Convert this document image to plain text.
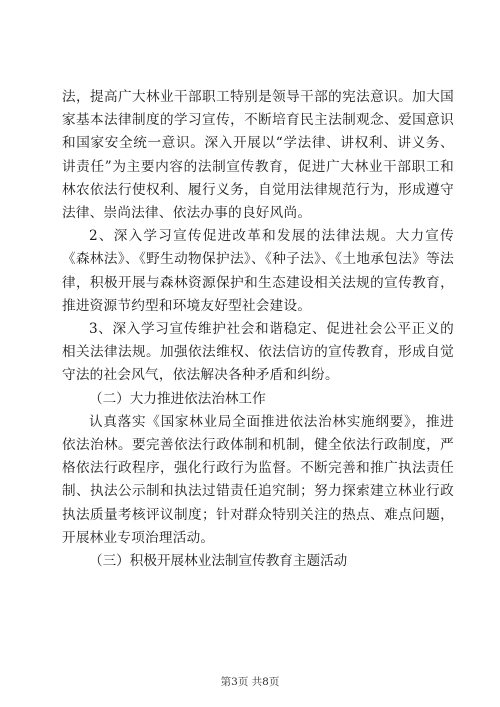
法，提高广大林业干部职工特别是领导干部的宪法意识。加大国家基本法律制度的学习宣传，不断培育民主法制观念、爱国意识和国家安全统一意识。深入开展以“学法律、讲权利、讲义务、讲责任”为主要内容的法制宣传教育，促进广大林业干部职工和林农依法行使权利、履行义务，自觉用法律规范行为，形成遵守法律、崇尚法律、依法办事的良好风尚。

2、深入学习宣传促进改革和发展的法律法规。大力宣传《森林法》、《野生动物保护法》、《种子法》、《土地承包法》等法律，积极开展与森林资源保护和生态建设相关法规的宣传教育，推进资源节约型和环境友好型社会建设。

3、深入学习宣传维护社会和谐稳定、促进社会公平正义的相关法律法规。加强依法维权、依法信访的宣传教育，形成自觉守法的社会风气，依法解决各种矛盾和纠纷。

（二）大力推进依法治林工作

认真落实《国家林业局全面推进依法治林实施纲要》，推进依法治林。要完善依法行政体制和机制，健全依法行政制度，严格依法行政程序，强化行政行为监督。不断完善和推广执法责任制、执法公示制和执法过错责任追究制；努力探索建立林业行政执法质量考核评议制度；针对群众特别关注的热点、难点问题，开展林业专项治理活动。

（三）积极开展林业法制宣传教育主题活动

第3页 共8页
